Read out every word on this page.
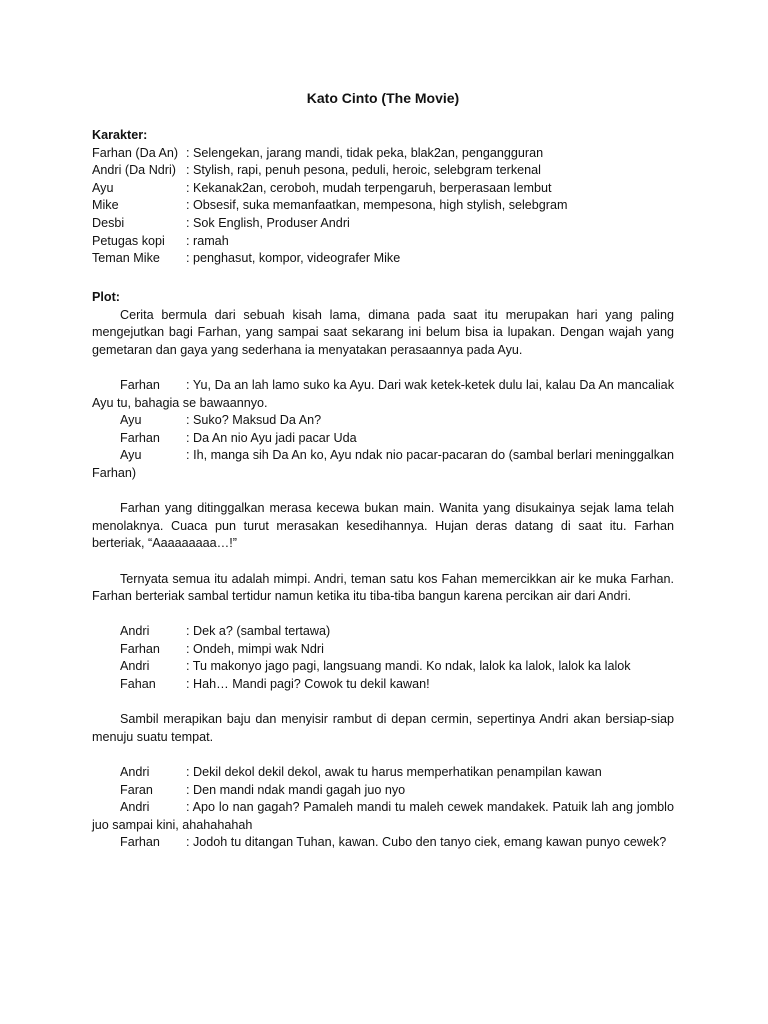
Kato Cinto (The Movie)
Karakter:
Farhan (Da An) : Selengekan, jarang mandi, tidak peka, blak2an, pengangguran
Andri (Da Ndri) : Stylish, rapi, penuh pesona, peduli, heroic, selebgram terkenal
Ayu	: Kekanak2an, ceroboh, mudah terpengaruh, berperasaan lembut
Mike	: Obsesif, suka memanfaatkan, mempesona, high stylish, selebgram
Desbi	: Sok English, Produser Andri
Petugas kopi	: ramah
Teman Mike	: penghasut, kompor, videografer Mike
Plot:

Cerita bermula dari sebuah kisah lama, dimana pada saat itu merupakan hari yang paling mengejutkan bagi Farhan, yang sampai saat sekarang ini belum bisa ia lupakan. Dengan wajah yang gemetaran dan gaya yang sederhana ia menyatakan perasaannya pada Ayu.

Farhan : Yu, Da an lah lamo suko ka Ayu. Dari wak ketek-ketek dulu lai, kalau Da An mancaliak Ayu tu, bahagia se bawaannyo.

Ayu	: Suko? Maksud Da An?

Farhan : Da An nio Ayu jadi pacar Uda

Ayu	: Ih, manga sih Da An ko, Ayu ndak nio pacar-pacaran do (sambal berlari meninggalkan Farhan)

Farhan yang ditinggalkan merasa kecewa bukan main. Wanita yang disukainya sejak lama telah menolaknya. Cuaca pun turut merasakan kesedihannya. Hujan deras datang di saat itu. Farhan berteriak, “Aaaaaaaaa…!”

Ternyata semua itu adalah mimpi. Andri, teman satu kos Fahan memercikkan air ke muka Farhan. Farhan berteriak sambal tertidur namun ketika itu tiba-tiba bangun karena percikan air dari Andri.

Andri	: Dek a? (sambal tertawa)

Farhan : Ondeh, mimpi wak Ndri

Andri	: Tu makonyo jago pagi, langsuang mandi. Ko ndak, lalok ka lalok, lalok ka lalok

Fahan : Hah… Mandi pagi? Cowok tu dekil kawan!

Sambil merapikan baju dan menyisir rambut di depan cermin, sepertinya Andri akan bersiap-siap menuju suatu tempat.

Andri	: Dekil dekol dekil dekol, awak tu harus memperhatikan penampilan kawan

Faran	: Den mandi ndak mandi gagah juo nyo

Andri	: Apo lo nan gagah? Pamaleh mandi tu maleh cewek mandakek. Patuik lah ang jomblo juo sampai kini, ahahahahah

Farhan : Jodoh tu ditangan Tuhan, kawan. Cubo den tanyo ciek, emang kawan punyo cewek?
